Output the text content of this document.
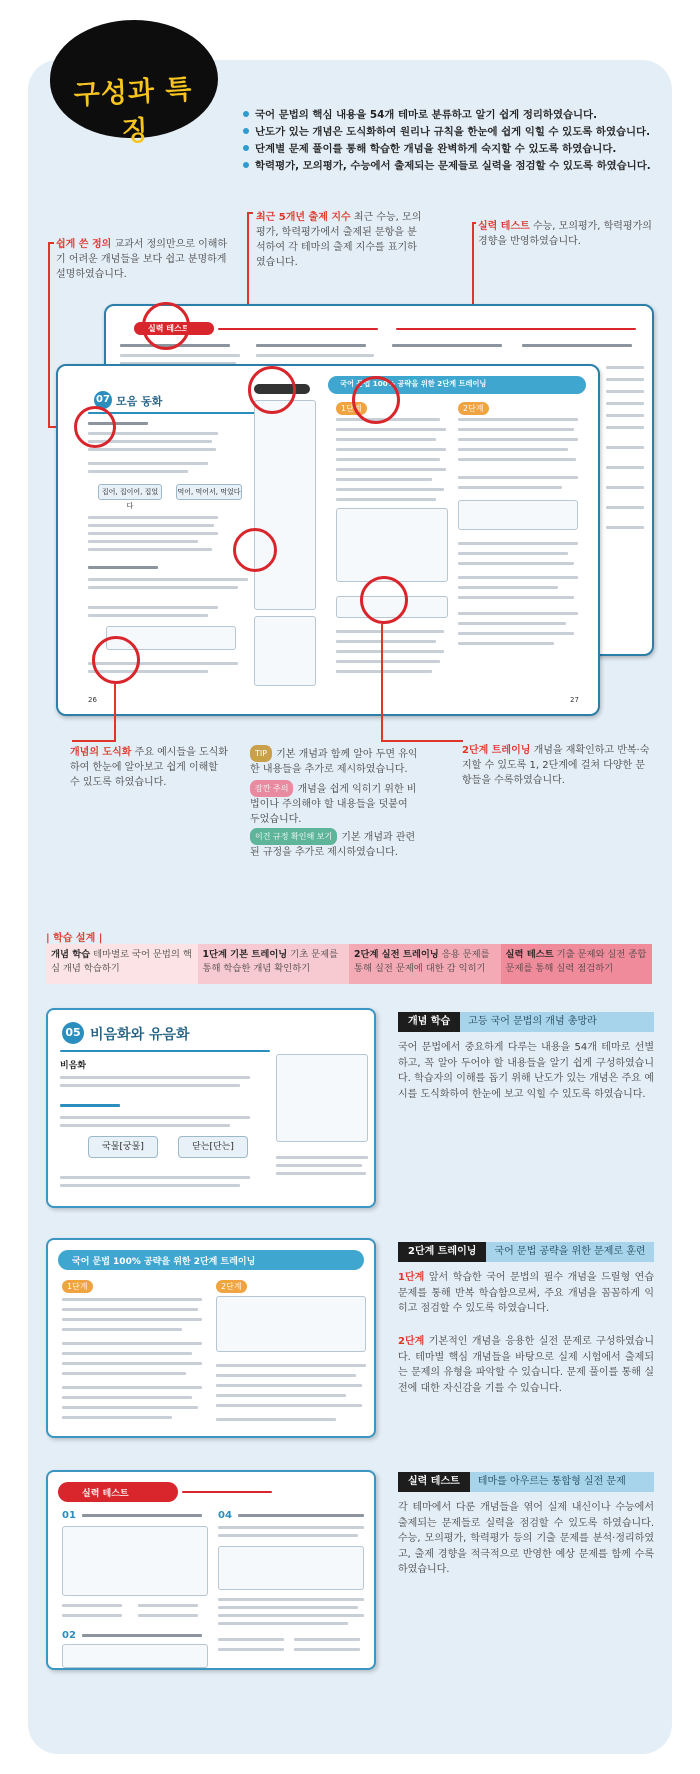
구성과 특징
국어 문법의 핵심 내용을 54개 테마로 분류하고 알기 쉽게 정리하였습니다.
난도가 있는 개념은 도식화하여 원리나 규칙을 한눈에 쉽게 익힐 수 있도록 하였습니다.
단계별 문제 풀이를 통해 학습한 개념을 완벽하게 숙지할 수 있도록 하였습니다.
학력평가, 모의평가, 수능에서 출제되는 문제들로 실력을 점검할 수 있도록 하였습니다.
쉽게 쓴 정의 교과서 정의만으로 이해하기 어려운 개념들을 보다 쉽고 분명하게 설명하였습니다.
최근 5개년 출제 지수 최근 수능, 모의평가, 학력평가에서 출제된 문항을 분석하여 각 테마의 출제 지수를 표기하였습니다.
실력 테스트 수능, 모의평가, 학력평가의 경향을 반영하였습니다.
실력 테스트
07 모음 동화
집어, 집이어, 집었다
먹어, 먹어서, 먹었다
26
국어 문법 100% 공략을 위한 2단계 트레이닝
1단계	2단계
27
개념의 도식화 주요 예시들을 도식화하여 한눈에 알아보고 쉽게 이해할 수 있도록 하였습니다.
TIP 기본 개념과 함께 알아 두면 유익한 내용들을 추가로 제시하였습니다.
잠깐 주의 개념을 쉽게 익히기 위한 비법이나 주의해야 할 내용들을 덧붙여 두었습니다.
이건 규정 확인해 보기 기본 개념과 관련된 규정을 추가로 제시하였습니다.
2단계 트레이닝 개념을 재확인하고 반복·숙지할 수 있도록 1, 2단계에 걸쳐 다양한 문항들을 수록하였습니다.
| 학습 설계 |
개념 학습 테마별로 국어 문법의 핵심 개념 학습하기
1단계 기본 트레이닝 기초 문제를 통해 학습한 개념 확인하기
2단계 실전 트레이닝 응용 문제를 통해 실전 문제에 대한 감 익히기
실력 테스트 기출 문제와 실전 종합 문제를 통해 실력 점검하기
05 비음화와 유음화
비음화
국물[궁물]	닫는[단는]
개념 학습	고등 국어 문법의 개념 총망라
국어 문법에서 중요하게 다루는 내용을 54개 테마로 선별하고, 꼭 알아 두어야 할 내용들을 알기 쉽게 구성하였습니다. 학습자의 이해를 돕기 위해 난도가 있는 개념은 주요 예시를 도식화하여 한눈에 보고 익힐 수 있도록 하였습니다.
국어 문법 100% 공략을 위한 2단계 트레이닝
1단계	2단계
2단계 트레이닝	국어 문법 공략을 위한 문제로 훈련
1단계 앞서 학습한 국어 문법의 필수 개념을 드릴형 연습 문제를 통해 반복 학습함으로써, 주요 개념을 꼼꼼하게 익히고 점검할 수 있도록 하였습니다.
2단계 기본적인 개념을 응용한 실전 문제로 구성하였습니다. 테마별 핵심 개념들을 바탕으로 실제 시험에서 출제되는 문제의 유형을 파악할 수 있습니다. 문제 풀이를 통해 실전에 대한 자신감을 기를 수 있습니다.
실력 테스트
01
02
04
실력 테스트	테마를 아우르는 통합형 실전 문제
각 테마에서 다룬 개념들을 엮어 실제 내신이나 수능에서 출제되는 문제들로 실력을 점검할 수 있도록 하였습니다. 수능, 모의평가, 학력평가 등의 기출 문제를 분석·정리하였고, 출제 경향을 적극적으로 반영한 예상 문제를 함께 수록하였습니다.
